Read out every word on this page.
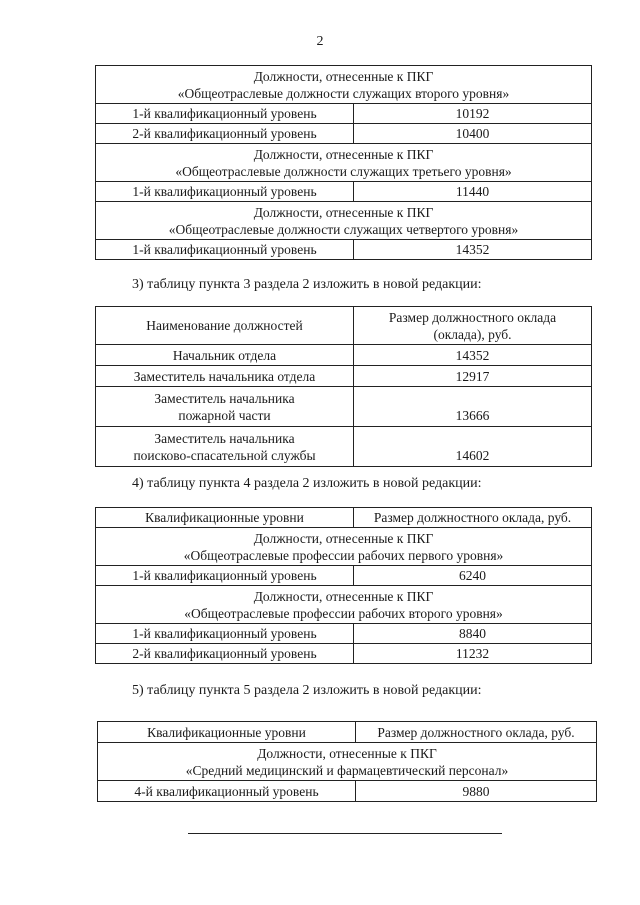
2
Должности, отнесенные к ПКГ
«Общеотраслевые должности служащих второго уровня»	

1-й квалификационный уровень	10192
2-й квалификационный уровень	10400

Должности, отнесенные к ПКГ
«Общеотраслевые должности служащих третьего уровня»	

1-й квалификационный уровень	11440

Должности, отнесенные к ПКГ
«Общеотраслевые должности служащих четвертого уровня»	

1-й квалификационный уровень	14352
3) таблицу пункта 3 раздела 2 изложить в новой редакции:
Наименование должностей	Размер должностного оклада
(оклада), руб.

Начальник отдела	14352
Заместитель начальника отдела	12917

Заместитель начальника
пожарной части	13666

Заместитель начальника
поисково-спасательной службы	14602
4) таблицу пункта 4 раздела 2 изложить в новой редакции:
Квалификационные уровни	Размер должностного оклада, руб.

Должности, отнесенные к ПКГ
«Общеотраслевые профессии рабочих первого уровня»	

1-й квалификационный уровень	6240

Должности, отнесенные к ПКГ
«Общеотраслевые профессии рабочих второго уровня»	

1-й квалификационный уровень	8840
2-й квалификационный уровень	11232
5) таблицу пункта 5 раздела 2 изложить в новой редакции:
Квалификационные уровни	Размер должностного оклада, руб.

Должности, отнесенные к ПКГ
«Средний медицинский и фармацевтический персонал»	

4-й квалификационный уровень	9880
